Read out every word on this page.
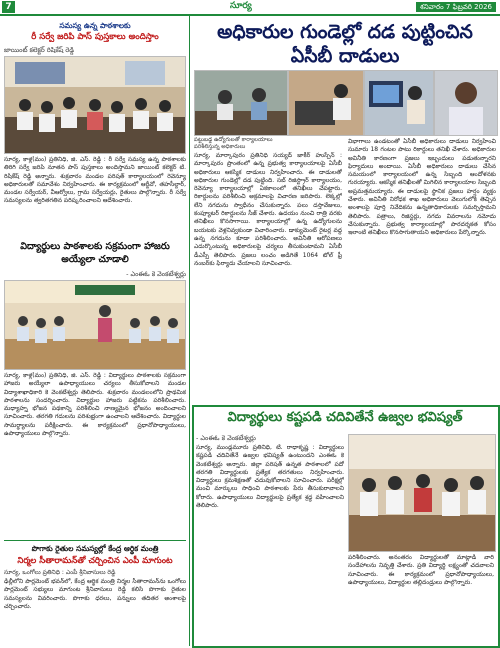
7	సూర్య	శనివారం 7 ఫిబ్రవరి 2026
సమస్య ఉన్న పాఠశాలకు
రీ సర్వే జరిపి పాస్ పుస్తకాలు అందిస్తాం
జాయింట్ కలెక్టర్ రిషికేష్ రెడ్డి
సూర్య, కాళ్ల(మం) ప్రతినిధి, జి. ఎస్. రెడ్డి : రీ సర్వే సమస్య ఉన్న పాఠశాలకు తిరిగి సర్వే జరిపి నూతన పాస్ పుస్తకాలు అందిస్తామని జాయింట్ కలెక్టర్ టి. రిషికేష్ రెడ్డి అన్నారు. శుక్రవారం మండల పరిషత్ కార్యాలయంలో రెవెన్యూ అధికారులతో సమావేశం నిర్వహించారు. ఈ కార్యక్రమంలో ఆర్డీవో, తహసీల్దార్, మండల సర్వేయర్, వీఆర్వోలు, గ్రామ సర్వేయర్లు, రైతులు పాల్గొన్నారు. రీ సర్వే సమస్యలను త్వరితగతిన పరిష్కరించాలని ఆదేశించారు.
విద్యార్థులు పాఠశాలకు సక్రమంగా హాజరు అయ్యేలా చూడాలి
- ఎంఈఓ కె వెంకటేశ్వర్లు
సూర్య, కాళ్ల(మం) ప్రతినిధి, జి. ఎస్. రెడ్డి : విద్యార్థులు పాఠశాలకు సక్రమంగా హాజరు అయ్యేలా ఉపాధ్యాయులు చర్యలు తీసుకోవాలని మండల విద్యాశాఖాధికారి కె వెంకటేశ్వర్లు తెలిపారు. శుక్రవారం మండలంలోని ప్రాథమిక పాఠశాలను సందర్శించారు. విద్యార్థుల హాజరు పట్టికను పరిశీలించారు. మధ్యాహ్న భోజన పథకాన్ని పరిశీలించి నాణ్యమైన భోజనం అందించాలని సూచించారు. తరగతి గదులను పరిశుభ్రంగా ఉంచాలని ఆదేశించారు. విద్యార్థుల సామర్థ్యాలను పరీక్షించారు. ఈ కార్యక్రమంలో ప్రధానోపాధ్యాయులు, ఉపాధ్యాయులు పాల్గొన్నారు.
పొగాకు రైతుల సమస్యల్లో కేంద్ర ఆర్థిక మంత్రి
నిర్మల సీతారామన్‌తో చర్చించిన ఎంపీ మాగుంట
సూర్య, ఒంగోలు ప్రతినిధి : ఎంపీ శ్రీనివాసులు రెడ్డి
ఢిల్లీలోని పార్లమెంట్ భవన్‌లో, కేంద్ర ఆర్థిక మంత్రి నిర్మల సీతారామన్‌ను ఒంగోలు పార్లమెంట్ సభ్యులు మాగుంట శ్రీనివాసులు రెడ్డి కలిసి పొగాకు రైతుల సమస్యలను వివరించారు. పొగాకు ధరలు, పన్నులు తదితర అంశాలపై చర్చించారు.
అధికారుల గుండెల్లో దడ పుట్టించిన ఏసీబీ దాడులు
పట్టుబడ్డ ఉద్యోగులతో కార్యాలయాలు
పరిశీలిస్తున్న అధికారులు
సూర్య, మార్కాపురం ప్రతినిధి సయ్యద్ జాకీర్ హుస్సేన్ : మార్కాపురం ప్రాంతంలో ఉన్న ప్రభుత్వ కార్యాలయాలపై ఏసీబీ అధికారులు ఆకస్మిక దాడులు నిర్వహించారు. ఈ దాడులతో అధికారుల గుండెల్లో దడ పుట్టింది. సబ్ రిజిస్ట్రార్ కార్యాలయం, రెవెన్యూ కార్యాలయాల్లో ఏకకాలంలో తనిఖీలు చేపట్టారు. రికార్డులను పరిశీలించి అక్రమాలపై విచారణ జరిపారు. లెక్కల్లో లేని నగదును స్వాధీనం చేసుకున్నారు. పలు దస్తావేజులు, కంప్యూటర్ రికార్డులను సీజ్ చేశారు. ఉదయం నుంచి రాత్రి వరకు తనిఖీలు కొనసాగాయి. కార్యాలయాల్లో ఉన్న ఉద్యోగులను బయటకు వెళ్లనివ్వకుండా విచారించారు. డాక్యుమెంట్ రైటర్ల వద్ద ఉన్న నగదును కూడా పరిశీలించారు. అవినీతి ఆరోపణలు ఎదుర్కొంటున్న అధికారులపై చర్యలు తీసుకుంటామని ఏసీబీ డీఎస్పీ తెలిపారు. ప్రజలు లంచం అడిగితే 1064 టోల్ ఫ్రీ నంబర్‌కు ఫిర్యాదు చేయాలని సూచించారు.
విభాగాలు ఉండటంతో ఏసీబీ అధికారులు దాడులు నిర్వహించి సుమారు 18 గంటల పాటు రికార్డులు తనిఖీ చేశారు. అధికారుల అవినీతి కారణంగా ప్రజలు ఇబ్బందులు పడుతున్నారని ఫిర్యాదులు అందాయి. ఏసీబీ అధికారులు దాడులు చేసిన సమయంలో కార్యాలయంలో ఉన్న సిబ్బంది ఆందోళనకు గురయ్యారు. ఆకస్మిక తనిఖీలతో మిగిలిన కార్యాలయాల సిబ్బంది అప్రమత్తమయ్యారు. ఈ దాడులపై స్థానిక ప్రజలు హర్షం వ్యక్తం చేశారు. అవినీతి నిరోధక శాఖ అధికారులు వెలుగులోకి తెచ్చిన అంశాలపై పూర్తి నివేదికను ఉన్నతాధికారులకు సమర్పిస్తామని తెలిపారు. పత్రాలు, రిజిస్టర్లు, నగదు వివరాలను నమోదు చేసుకున్నారు. ప్రభుత్వ కార్యాలయాల్లో పారదర్శకత కోసం ఇలాంటి తనిఖీలు కొనసాగుతాయని అధికారులు పేర్కొన్నారు.
విద్యార్థులు కష్టపడి చదివితేనే ఉజ్వల భవిష్యత్
- ఎంఈఓ కె వెంకటేశ్వర్లు
సూర్య, ముండ్లమూరు ప్రతినిధి, టి. రాధాకృష్ణ : విద్యార్థులు కష్టపడి చదివితేనే ఉజ్వల భవిష్యత్ ఉంటుందని ఎంఈఓ కె వెంకటేశ్వర్లు అన్నారు. జిల్లా పరిషత్ ఉన్నత పాఠశాలలో పదో తరగతి విద్యార్థులకు ప్రత్యేక తరగతులు నిర్వహించారు. విద్యార్థులు క్రమశిక్షణతో చదువుకోవాలని సూచించారు. పరీక్షల్లో మంచి మార్కులు సాధించి పాఠశాలకు పేరు తీసుకురావాలని కోరారు. ఉపాధ్యాయులు విద్యార్థులపై ప్రత్యేక శ్రద్ధ వహించాలని తెలిపారు.
పరిశీలించారు. అనంతరం విద్యార్థులతో మాట్లాడి వారి సందేహాలను నివృత్తి చేశారు. ప్రతి విద్యార్థి లక్ష్యంతో చదవాలని సూచించారు. ఈ కార్యక్రమంలో ప్రధానోపాధ్యాయులు, ఉపాధ్యాయులు, విద్యార్థుల తల్లిదండ్రులు పాల్గొన్నారు.
